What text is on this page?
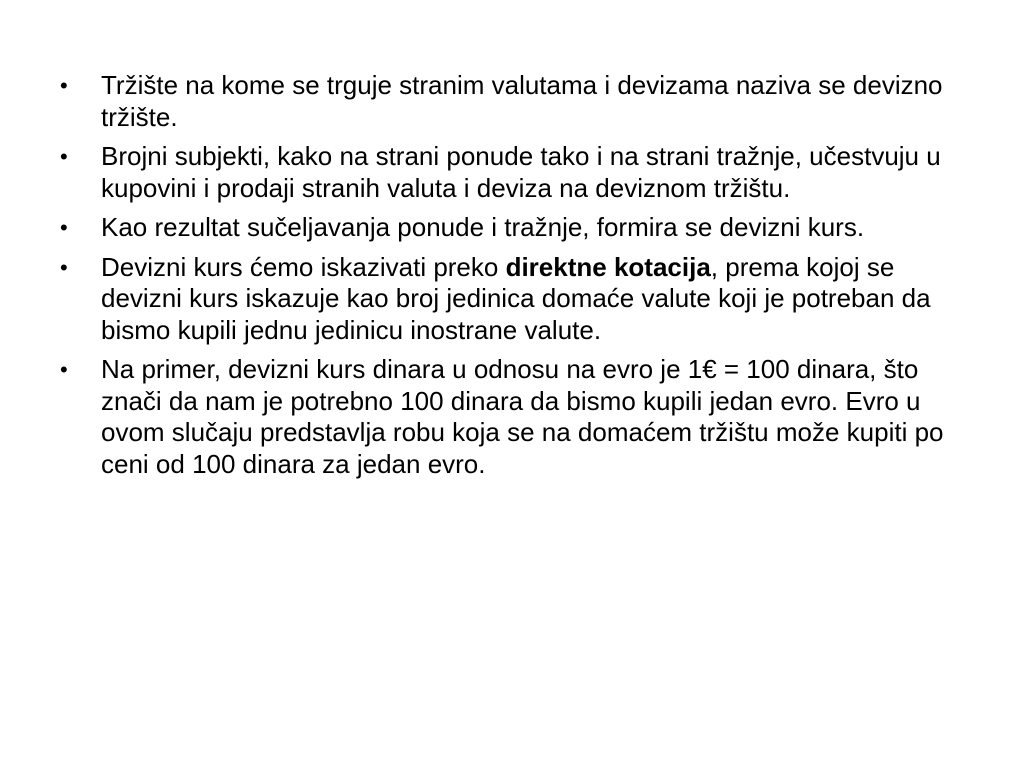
•	Tržište na kome se trguje stranim valutama i devizama naziva se devizno tržište.
•	Brojni subjekti, kako na strani ponude tako i na strani tražnje, učestvuju u kupovini i prodaji stranih valuta i deviza na deviznom tržištu.
•	Kao rezultat sučeljavanja ponude i tražnje, formira se devizni kurs.
•	Devizni kurs ćemo iskazivati preko direktne kotacija, prema kojoj se devizni kurs iskazuje kao broj jedinica domaće valute koji je potreban da bismo kupili jednu jedinicu inostrane valute.
•	Na primer, devizni kurs dinara u odnosu na evro je 1€ = 100 dinara, što znači da nam je potrebno 100 dinara da bismo kupili jedan evro. Evro u ovom slučaju predstavlja robu koja se na domaćem tržištu može kupiti po ceni od 100 dinara za jedan evro.
